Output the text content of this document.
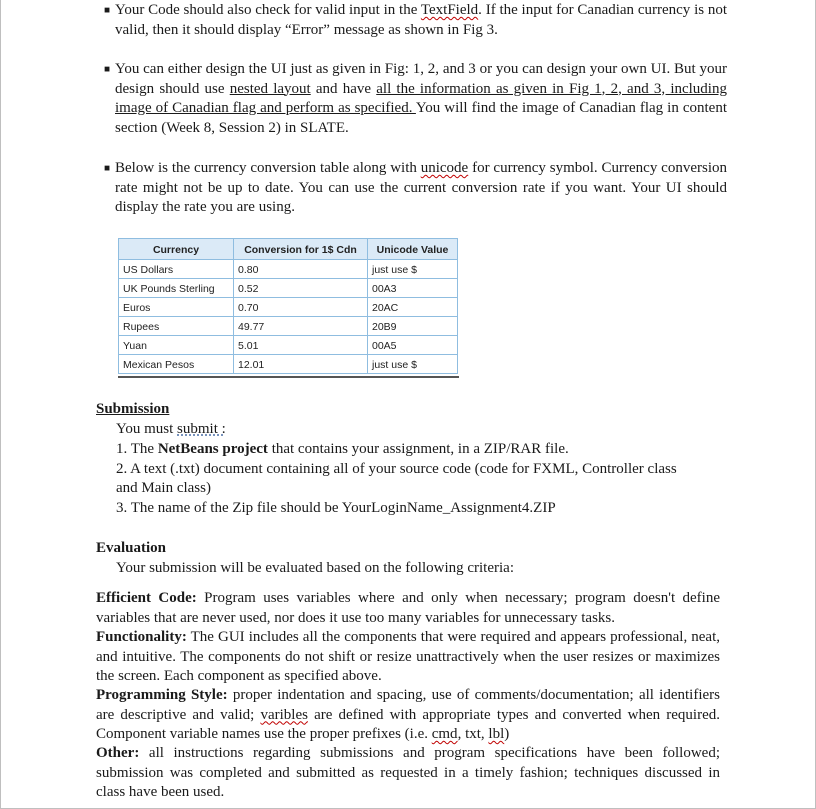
■ Your Code should also check for valid input in the TextField. If the input for Canadian currency is not valid, then it should display “Error” message as shown in Fig 3.
■ You can either design the UI just as given in Fig: 1, 2, and 3 or you can design your own UI. But your design should use nested layout and have all the information as given in Fig 1, 2, and 3, including image of Canadian flag and perform as specified. You will find the image of Canadian flag in content section (Week 8, Session 2) in SLATE.
■ Below is the currency conversion table along with unicode for currency symbol. Currency conversion rate might not be up to date. You can use the current conversion rate if you want. Your UI should display the rate you are using.
Currency	Conversion for 1$ Cdn	Unicode Value
US Dollars	0.80	just use $
UK Pounds Sterling	0.52	00A3
Euros	0.70	20AC
Rupees	49.77	20B9
Yuan	5.01	00A5
Mexican Pesos	12.01	just use $
Submission
You must submit :
1. The NetBeans project that contains your assignment, in a ZIP/RAR file.
2. A text (.txt) document containing all of your source code (code for FXML, Controller class
and Main class)
3. The name of the Zip file should be YourLoginName_Assignment4.ZIP
Evaluation
Your submission will be evaluated based on the following criteria:
Efficient Code: Program uses variables where and only when necessary; program doesn't define variables that are never used, nor does it use too many variables for unnecessary tasks.
Functionality: The GUI includes all the components that were required and appears professional, neat, and intuitive. The components do not shift or resize unattractively when the user resizes or maximizes the screen. Each component as specified above.
Programming Style: proper indentation and spacing, use of comments/documentation; all identifiers are descriptive and valid; varibles are defined with appropriate types and converted when required. Component variable names use the proper prefixes (i.e. cmd, txt, lbl)
Other: all instructions regarding submissions and program specifications have been followed; submission was completed and submitted as requested in a timely fashion; techniques discussed in class have been used.
